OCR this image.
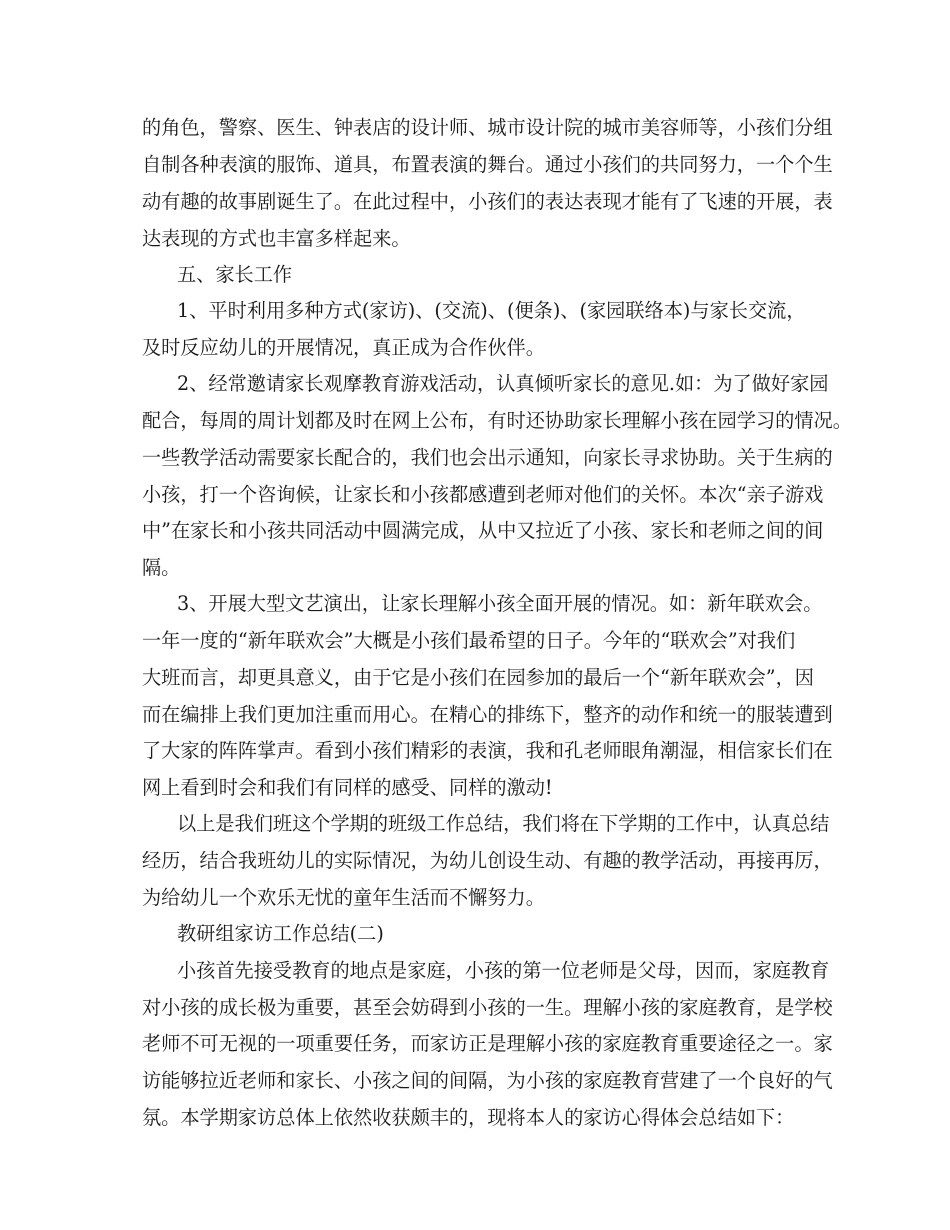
的角色，警察、医生、钟表店的设计师、城市设计院的城市美容师等，小孩们分组
自制各种表演的服饰、道具，布置表演的舞台。通过小孩们的共同努力，一个个生
动有趣的故事剧诞生了。在此过程中，小孩们的表达表现才能有了飞速的开展，表
达表现的方式也丰富多样起来。
五、家长工作
1、平时利用多种方式(家访)、(交流)、(便条)、(家园联络本)与家长交流，
及时反应幼儿的开展情况，真正成为合作伙伴。
2、经常邀请家长观摩教育游戏活动，认真倾听家长的意见.如：为了做好家园
配合，每周的周计划都及时在网上公布，有时还协助家长理解小孩在园学习的情况。
一些教学活动需要家长配合的，我们也会出示通知，向家长寻求协助。关于生病的
小孩，打一个咨询候，让家长和小孩都感遭到老师对他们的关怀。本次“亲子游戏
中”在家长和小孩共同活动中圆满完成，从中又拉近了小孩、家长和老师之间的间
隔。
3、开展大型文艺演出，让家长理解小孩全面开展的情况。如：新年联欢会。
一年一度的“新年联欢会”大概是小孩们最希望的日子。今年的“联欢会”对我们
大班而言，却更具意义，由于它是小孩们在园参加的最后一个“新年联欢会”，因
而在编排上我们更加注重而用心。在精心的排练下，整齐的动作和统一的服装遭到
了大家的阵阵掌声。看到小孩们精彩的表演，我和孔老师眼角潮湿，相信家长们在
网上看到时会和我们有同样的感受、同样的激动!
以上是我们班这个学期的班级工作总结，我们将在下学期的工作中，认真总结
经历，结合我班幼儿的实际情况，为幼儿创设生动、有趣的教学活动，再接再厉，
为给幼儿一个欢乐无忧的童年生活而不懈努力。
教研组家访工作总结(二)
小孩首先接受教育的地点是家庭，小孩的第一位老师是父母，因而，家庭教育
对小孩的成长极为重要，甚至会妨碍到小孩的一生。理解小孩的家庭教育，是学校
老师不可无视的一项重要任务，而家访正是理解小孩的家庭教育重要途径之一。家
访能够拉近老师和家长、小孩之间的间隔，为小孩的家庭教育营建了一个良好的气
氛。本学期家访总体上依然收获颇丰的，现将本人的家访心得体会总结如下：
